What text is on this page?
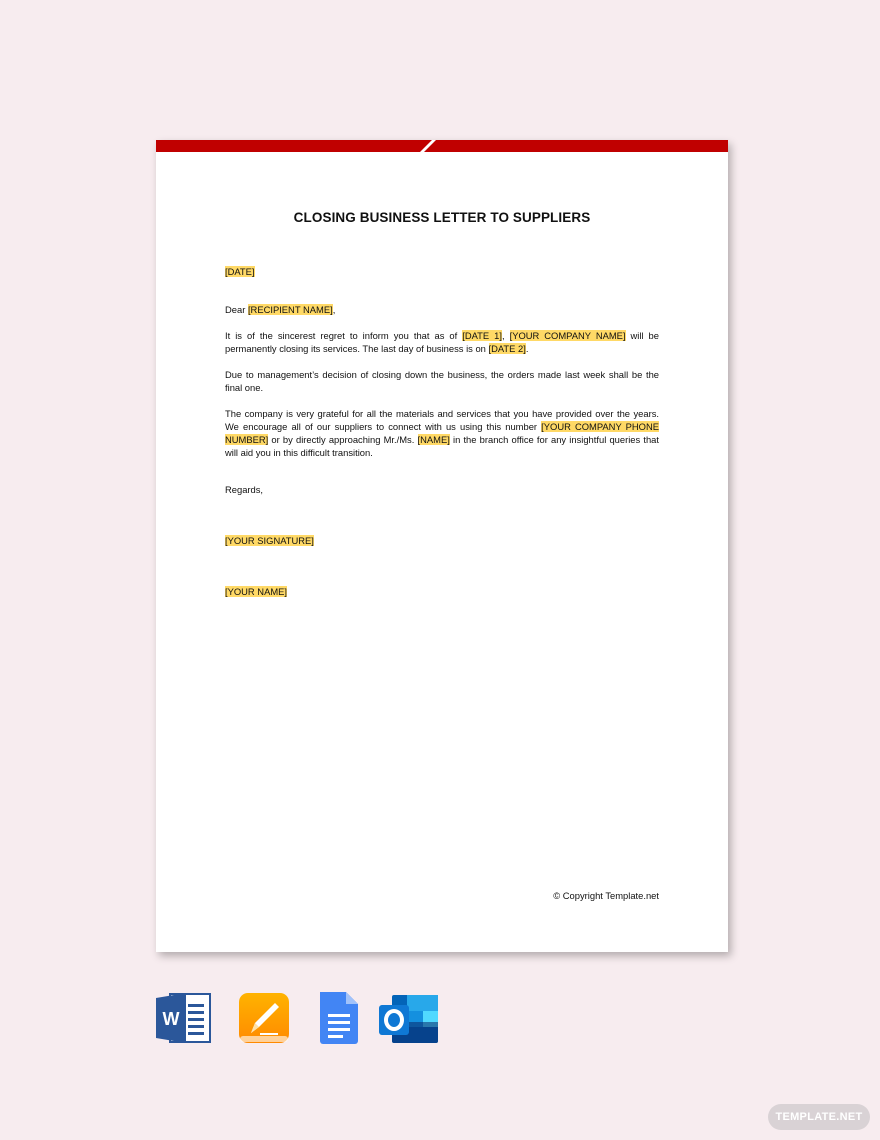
CLOSING BUSINESS LETTER TO SUPPLIERS

[DATE]

Dear [RECIPIENT NAME],

It is of the sincerest regret to inform you that as of [DATE 1], [YOUR COMPANY NAME] will be permanently closing its services. The last day of business is on [DATE 2].

Due to management’s decision of closing down the business, the orders made last week shall be the final one.

The company is very grateful for all the materials and services that you have provided over the years. We encourage all of our suppliers to connect with us using this number [YOUR COMPANY PHONE NUMBER] or by directly approaching Mr./Ms. [NAME] in the branch office for any insightful queries that will aid you in this difficult transition.

Regards,

[YOUR SIGNATURE]

[YOUR NAME]

© Copyright Template.net
W
TEMPLATE.NET
